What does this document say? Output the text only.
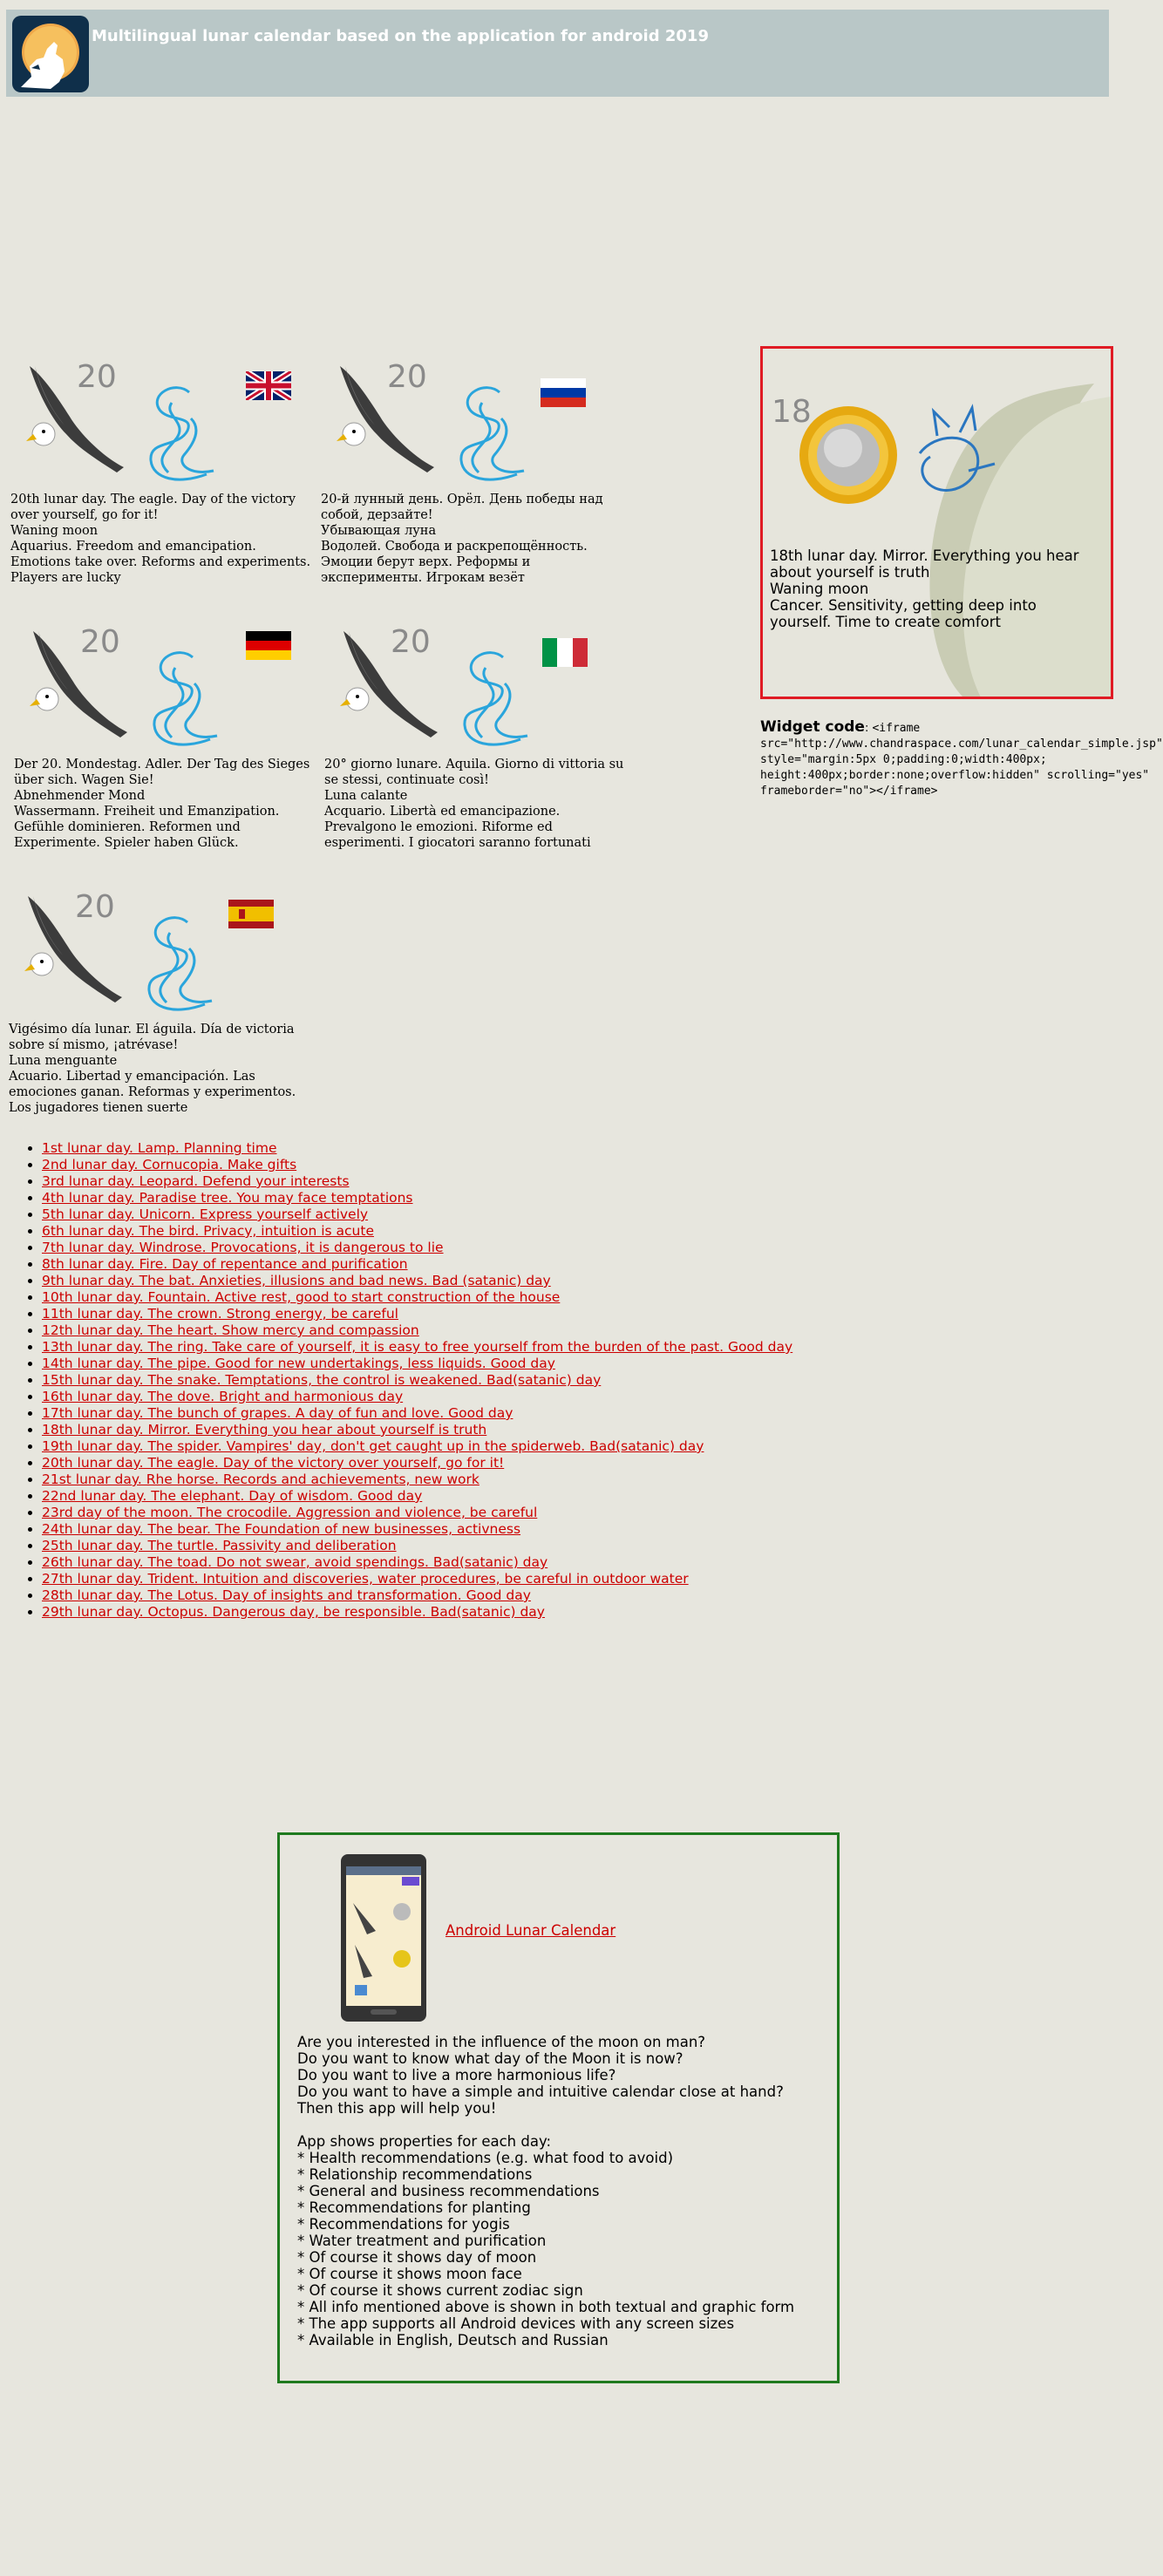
Multilingual lunar calendar based on the application for android 2019
20
20th lunar day. The eagle. Day of the victory over yourself, go for it!
Waning moon
Aquarius. Freedom and emancipation. Emotions take over. Reforms and experiments. Players are lucky
20
20-й лунный день. Орёл. День победы над собой, дерзайте!
Убывающая луна
Водолей. Свобода и раскрепощённость. Эмоции берут верх. Реформы и эксперименты. Игрокам везёт
20
Der 20. Mondestag. Adler. Der Tag des Sieges über sich. Wagen Sie!
Abnehmender Mond
Wassermann. Freiheit und Emanzipation. Gefühle dominieren. Reformen und Experimente. Spieler haben Glück.
20
20° giorno lunare. Aquila. Giorno di vittoria su se stessi, continuate così!
Luna calante
Acquario. Libertà ed emancipazione. Prevalgono le emozioni. Riforme ed esperimenti. I giocatori saranno fortunati
20
Vigésimo día lunar. El águila. Día de victoria sobre sí mismo, ¡atrévase!
Luna menguante
Acuario. Libertad y emancipación. Las emociones ganan. Reformas y experimentos. Los jugadores tienen suerte
18
18th lunar day. Mirror. Everything you hear about yourself is truth
Waning moon
Cancer. Sensitivity, getting deep into yourself. Time to create comfort
Widget code: <iframe src="http://www.chandraspace.com/lunar_calendar_simple.jsp" style="margin:5px 0;padding:0;width:400px; height:400px;border:none;overflow:hidden" scrolling="yes" frameborder="no"></iframe>
• 1st lunar day. Lamp. Planning time
• 2nd lunar day. Cornucopia. Make gifts
• 3rd lunar day. Leopard. Defend your interests
• 4th lunar day. Paradise tree. You may face temptations
• 5th lunar day. Unicorn. Express yourself actively
• 6th lunar day. The bird. Privacy, intuition is acute
• 7th lunar day. Windrose. Provocations, it is dangerous to lie
• 8th lunar day. Fire. Day of repentance and purification
• 9th lunar day. The bat. Anxieties, illusions and bad news. Bad (satanic) day
• 10th lunar day. Fountain. Active rest, good to start construction of the house
• 11th lunar day. The crown. Strong energy, be careful
• 12th lunar day. The heart. Show mercy and compassion
• 13th lunar day. The ring. Take care of yourself, it is easy to free yourself from the burden of the past. Good day
• 14th lunar day. The pipe. Good for new undertakings, less liquids. Good day
• 15th lunar day. The snake. Temptations, the control is weakened. Bad(satanic) day
• 16th lunar day. The dove. Bright and harmonious day
• 17th lunar day. The bunch of grapes. A day of fun and love. Good day
• 18th lunar day. Mirror. Everything you hear about yourself is truth
• 19th lunar day. The spider. Vampires' day, don't get caught up in the spiderweb. Bad(satanic) day
• 20th lunar day. The eagle. Day of the victory over yourself, go for it!
• 21st lunar day. Rhe horse. Records and achievements, new work
• 22nd lunar day. The elephant. Day of wisdom. Good day
• 23rd day of the moon. The crocodile. Aggression and violence, be careful
• 24th lunar day. The bear. The Foundation of new businesses, activness
• 25th lunar day. The turtle. Passivity and deliberation
• 26th lunar day. The toad. Do not swear, avoid spendings. Bad(satanic) day
• 27th lunar day. Trident. Intuition and discoveries, water procedures, be careful in outdoor water
• 28th lunar day. The Lotus. Day of insights and transformation. Good day
• 29th lunar day. Octopus. Dangerous day, be responsible. Bad(satanic) day
Android Lunar Calendar
Are you interested in the influence of the moon on man?
Do you want to know what day of the Moon it is now?
Do you want to live a more harmonious life?
Do you want to have a simple and intuitive calendar close at hand?
Then this app will help you!

App shows properties for each day:
* Health recommendations (e.g. what food to avoid)
* Relationship recommendations
* General and business recommendations
* Recommendations for planting
* Recommendations for yogis
* Water treatment and purification
* Of course it shows day of moon
* Of course it shows moon face
* Of course it shows current zodiac sign
* All info mentioned above is shown in both textual and graphic form
* The app supports all Android devices with any screen sizes
* Available in English, Deutsch and Russian
